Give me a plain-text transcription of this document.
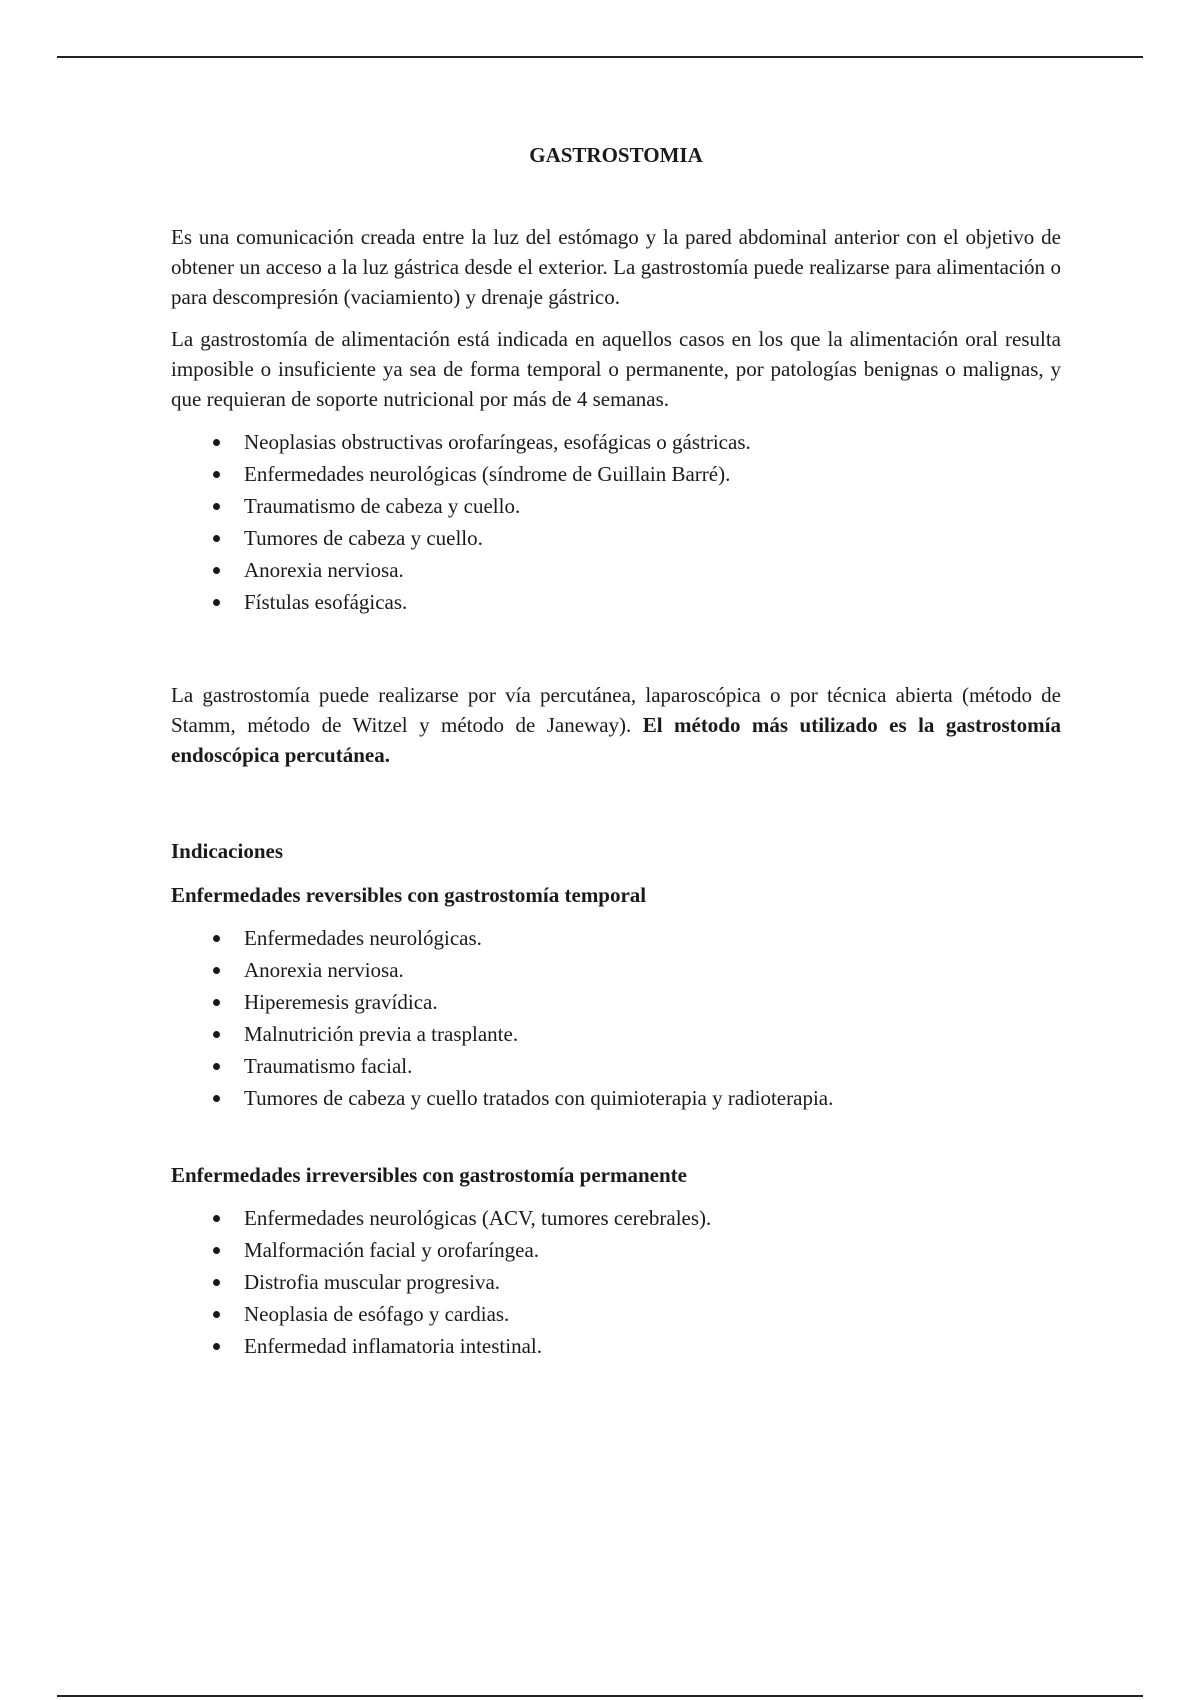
GASTROSTOMIA

Es una comunicación creada entre la luz del estómago y la pared abdominal anterior con el objetivo de obtener un acceso a la luz gástrica desde el exterior. La gastrostomía puede realizarse para alimentación o para descompresión (vaciamiento) y drenaje gástrico.

La gastrostomía de alimentación está indicada en aquellos casos en los que la alimentación oral resulta imposible o insuficiente ya sea de forma temporal o permanente, por patologías benignas o malignas, y que requieran de soporte nutricional por más de 4 semanas.

Neoplasias obstructivas orofaríngeas, esofágicas o gástricas.
Enfermedades neurológicas (síndrome de Guillain Barré).
Traumatismo de cabeza y cuello.
Tumores de cabeza y cuello.
Anorexia nerviosa.
Fístulas esofágicas.

La gastrostomía puede realizarse por vía percutánea, laparoscópica o por técnica abierta (método de Stamm, método de Witzel y método de Janeway). El método más utilizado es la gastrostomía endoscópica percutánea.

Indicaciones

Enfermedades reversibles con gastrostomía temporal

Enfermedades neurológicas.
Anorexia nerviosa.
Hiperemesis gravídica.
Malnutrición previa a trasplante.
Traumatismo facial.
Tumores de cabeza y cuello tratados con quimioterapia y radioterapia.

Enfermedades irreversibles con gastrostomía permanente

Enfermedades neurológicas (ACV, tumores cerebrales).
Malformación facial y orofaríngea.
Distrofia muscular progresiva.
Neoplasia de esófago y cardias.
Enfermedad inflamatoria intestinal.
